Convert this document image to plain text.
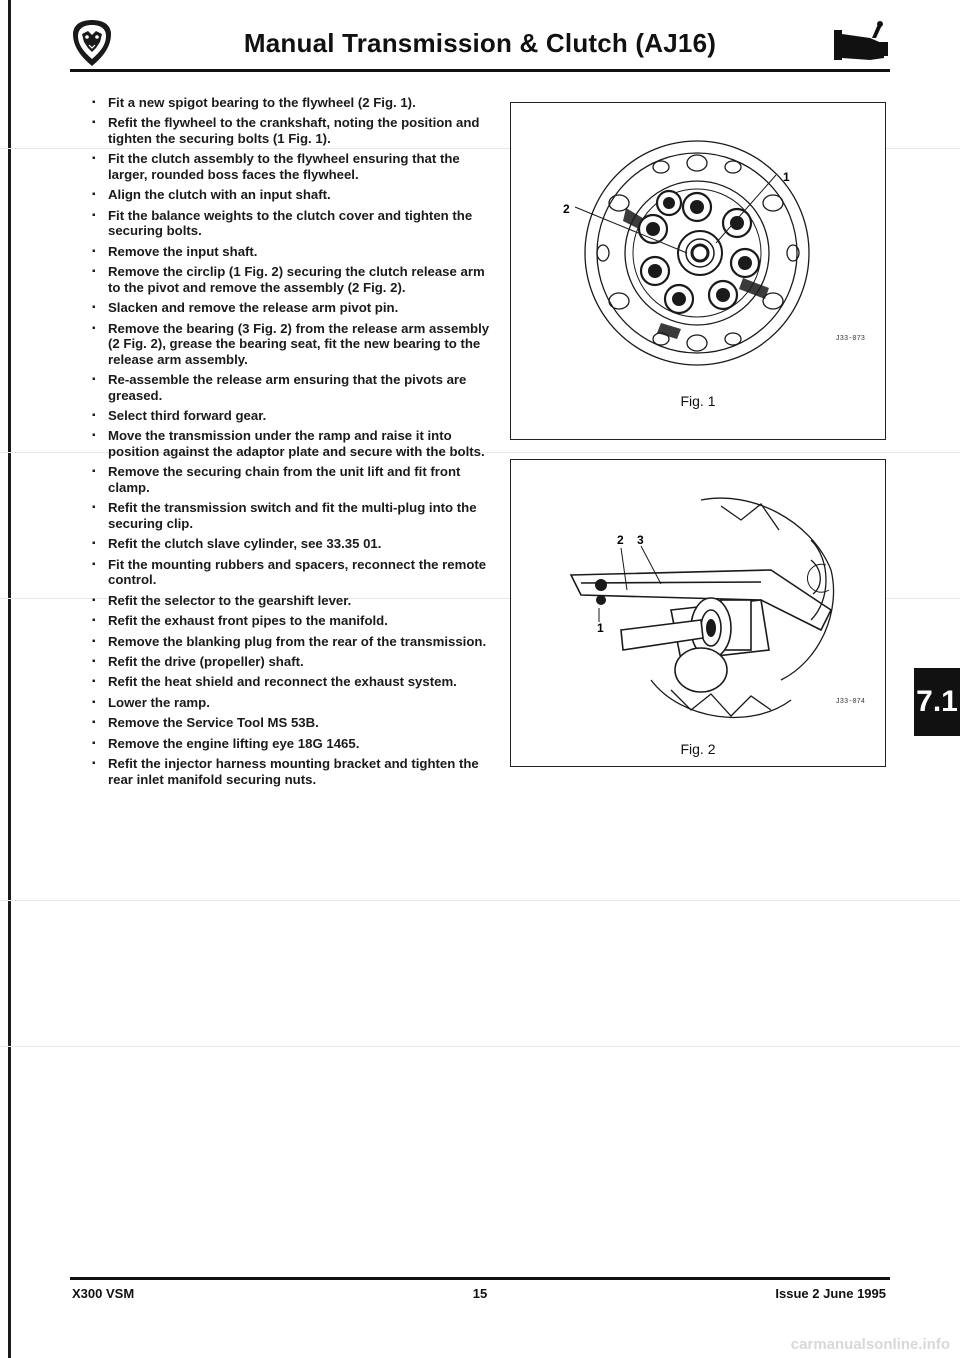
Manual Transmission & Clutch (AJ16)
▪ Fit a new spigot bearing to the flywheel (2 Fig. 1).
▪ Refit the flywheel to the crankshaft, noting the position and tighten the securing bolts (1 Fig. 1).
▪ Fit the clutch assembly to the flywheel ensuring that the larger, rounded boss faces the flywheel.
▪ Align the clutch with an input shaft.
▪ Fit the balance weights to the clutch cover and tighten the securing bolts.
▪ Remove the input shaft.
▪ Remove the circlip (1 Fig. 2) securing the clutch release arm to the pivot and remove the assembly (2 Fig. 2).
▪ Slacken and remove the release arm pivot pin.
▪ Remove the bearing (3 Fig. 2) from the release arm assembly (2 Fig. 2), grease the bearing seat, fit the new bearing to the release arm assembly.
▪ Re-assemble the release arm ensuring that the pivots are greased.
▪ Select third forward gear.
▪ Move the transmission under the ramp and raise it into position against the adaptor plate and secure with the bolts.
▪ Remove the securing chain from the unit lift and fit front clamp.
▪ Refit the transmission switch and fit the multi-plug into the securing clip.
▪ Refit the clutch slave cylinder, see 33.35 01.
▪ Fit the mounting rubbers and spacers, reconnect the remote control.
▪ Refit the selector to the gearshift lever.
▪ Refit the exhaust front pipes to the manifold.
▪ Remove the blanking plug from the rear of the transmission.
▪ Refit the drive (propeller) shaft.
▪ Refit the heat shield and reconnect the exhaust system.
▪ Lower the ramp.
▪ Remove the Service Tool MS 53B.
▪ Remove the engine lifting eye 18G 1465.
▪ Refit the injector harness mounting bracket and tighten the rear inlet manifold securing nuts.
1
2
J33-073
Fig. 1
2 3
1
J33-074
Fig. 2
7.1
X300 VSM	15	Issue 2 June 1995
carmanualsonline.info
